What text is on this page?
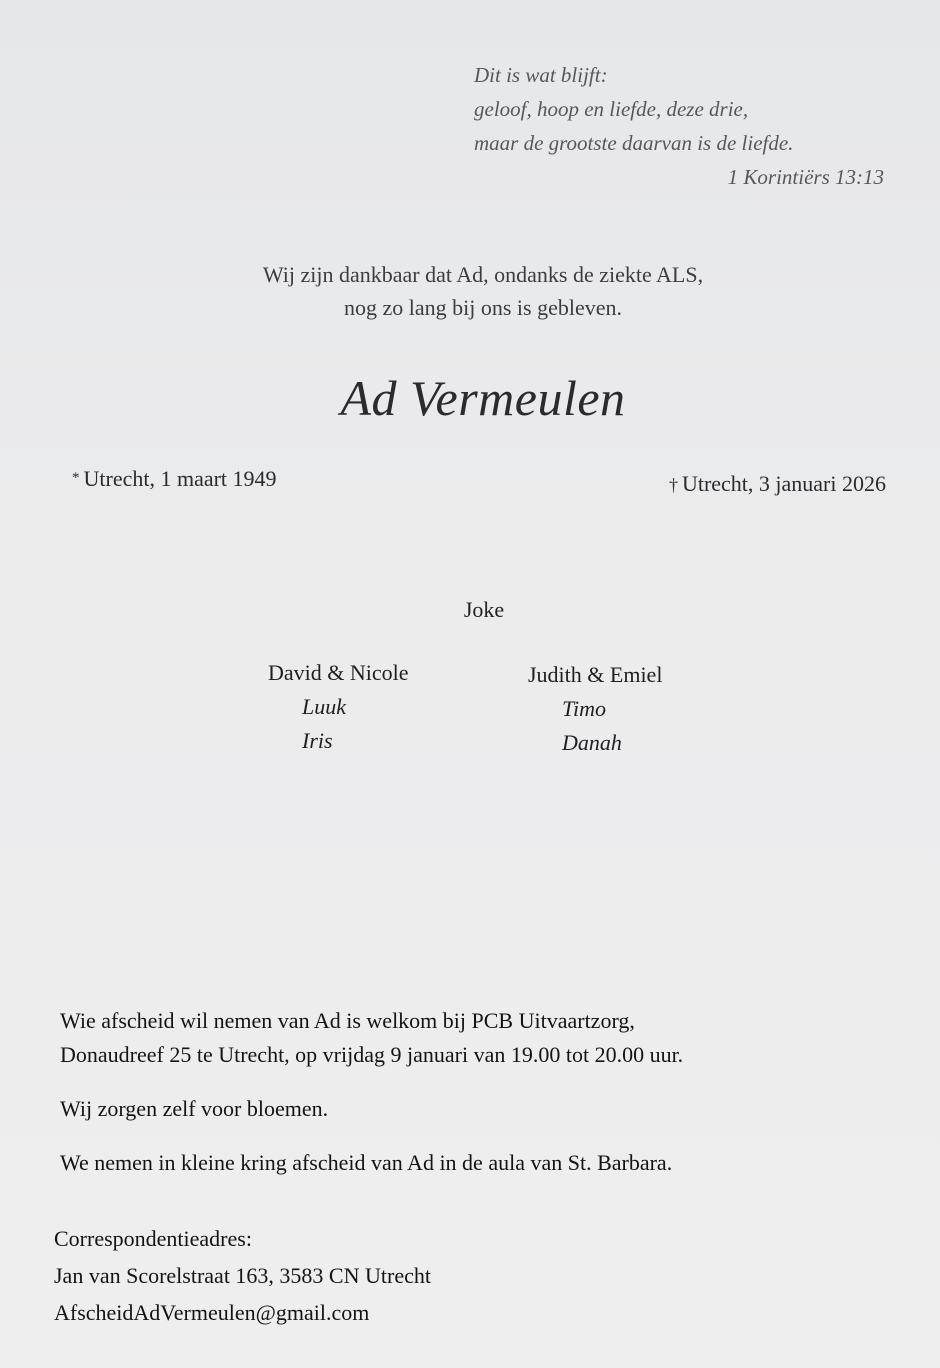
Dit is wat blijft:
geloof, hoop en liefde, deze drie,
maar de grootste daarvan is de liefde.
1 Korintiërs 13:13
Wij zijn dankbaar dat Ad, ondanks de ziekte ALS,
nog zo lang bij ons is gebleven.
Ad Vermeulen
* Utrecht, 1 maart 1949	† Utrecht, 3 januari 2026
Joke
David & Nicole
Luuk
Iris
Judith & Emiel
Timo
Danah

Wie afscheid wil nemen van Ad is welkom bij PCB Uitvaartzorg,

Donaudreef 25 te Utrecht, op vrijdag 9 januari van 19.00 tot 20.00 uur.

Wij zorgen zelf voor bloemen.

We nemen in kleine kring afscheid van Ad in de aula van St. Barbara.

Correspondentieadres:
Jan van Scorelstraat 163, 3583 CN Utrecht
AfscheidAdVermeulen@gmail.com
